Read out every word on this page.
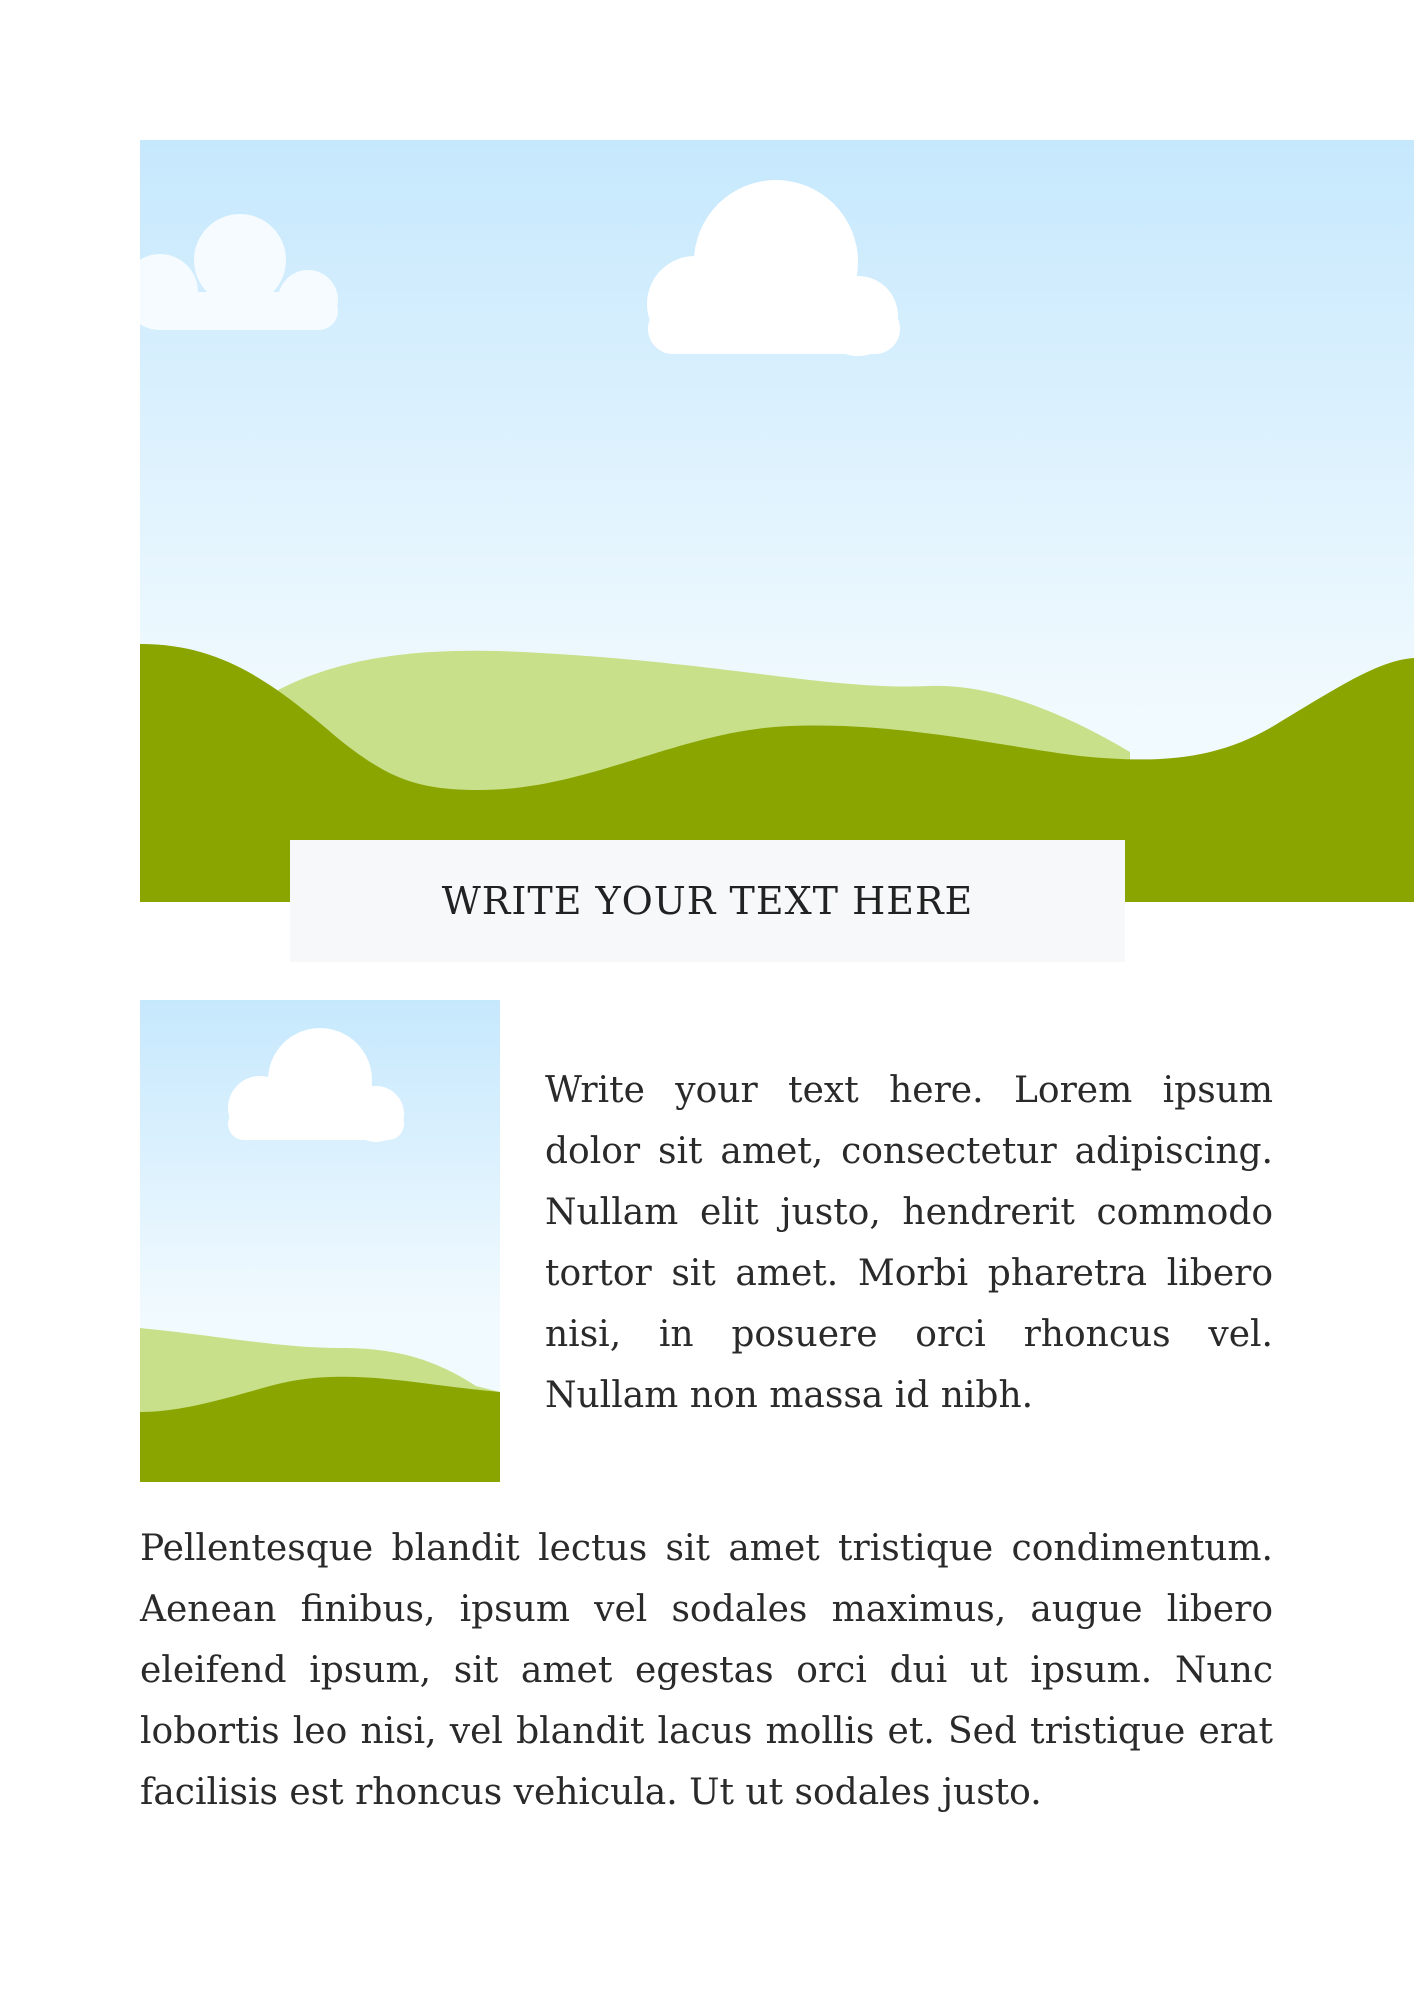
WRITE YOUR TEXT HERE

Write your text here. Lorem ipsum dolor sit amet, consectetur adipiscing. Nullam elit justo, hendrerit commodo tortor sit amet. Morbi pharetra libero nisi, in posuere orci rhoncus vel. Nullam non massa id nibh.

Pellentesque blandit lectus sit amet tristique condimentum. Aenean finibus, ipsum vel sodales maximus, augue libero eleifend ipsum, sit amet egestas orci dui ut ipsum. Nunc lobortis leo nisi, vel blandit lacus mollis et. Sed tristique erat facilisis est rhoncus vehicula. Ut ut sodales justo.
